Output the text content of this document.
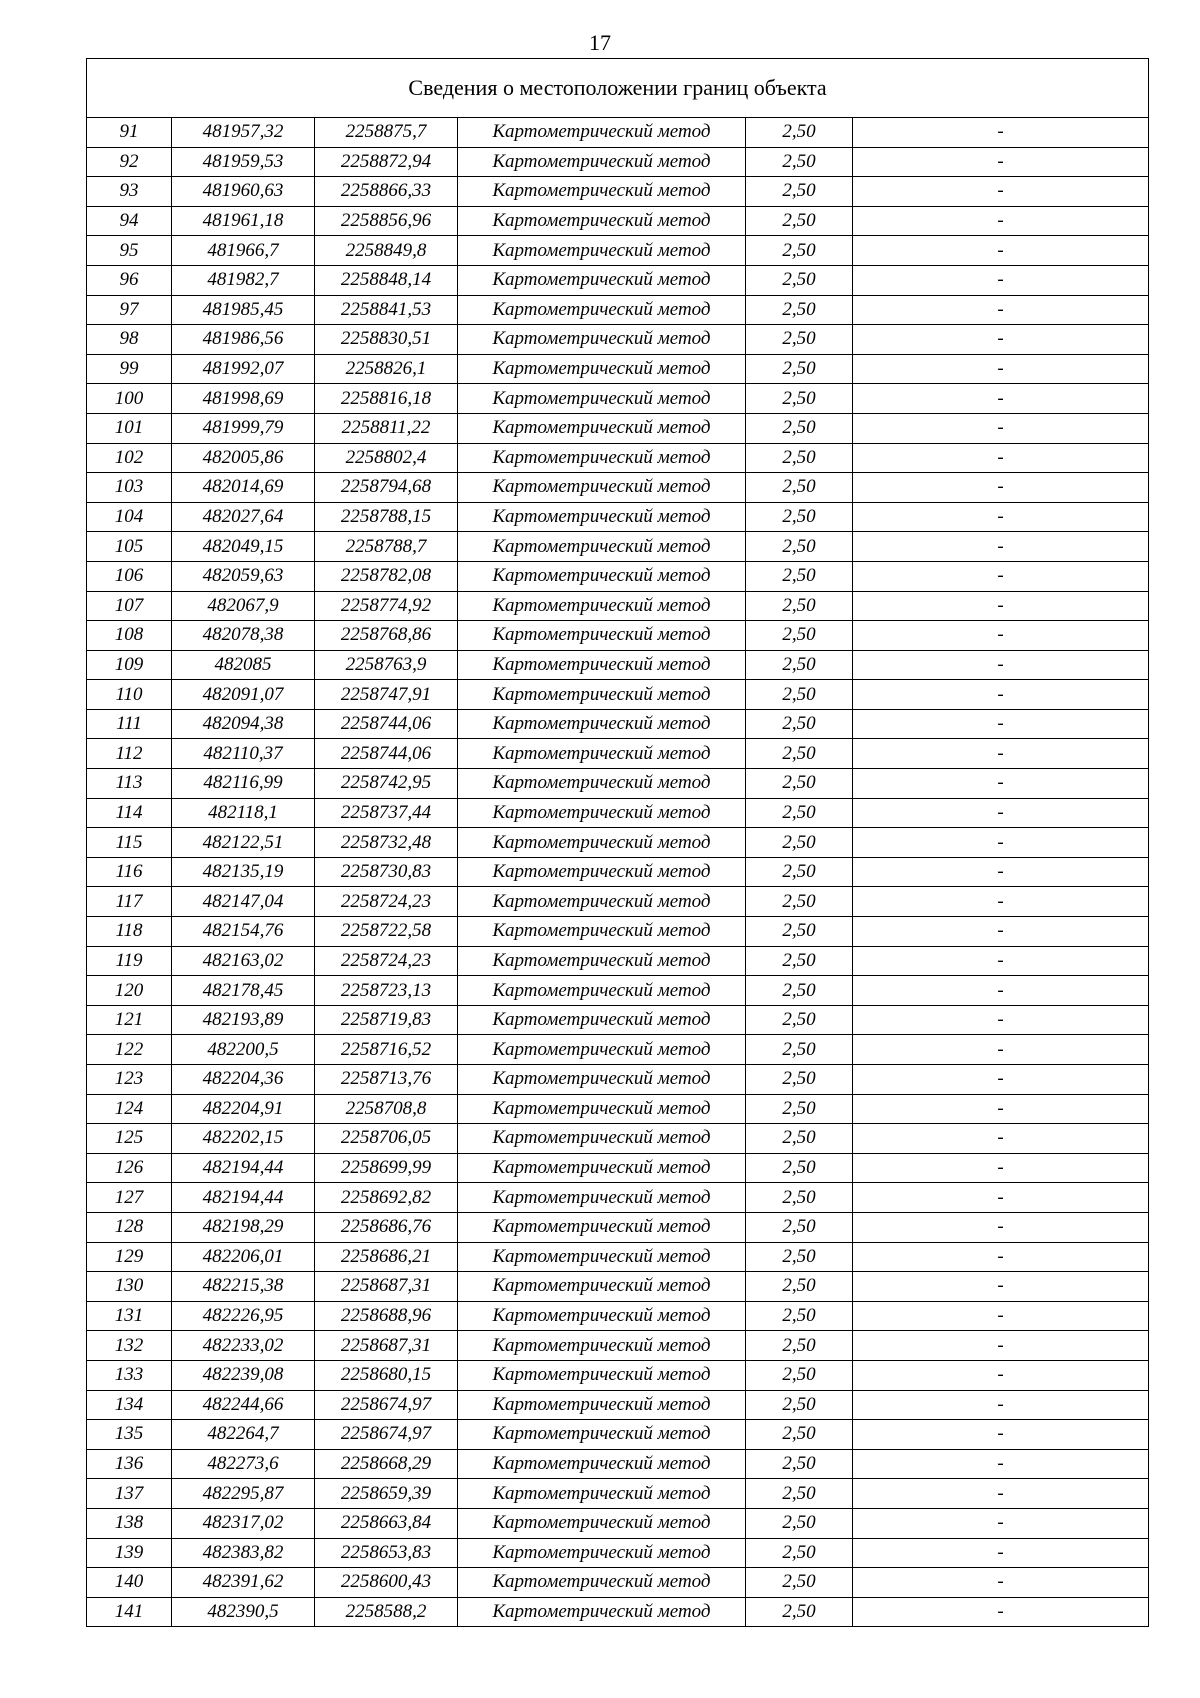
17
Сведения о местоположении границ объекта					
91	481957,32	2258875,7	Картометрический метод	2,50	-
92	481959,53	2258872,94	Картометрический метод	2,50	-
93	481960,63	2258866,33	Картометрический метод	2,50	-
94	481961,18	2258856,96	Картометрический метод	2,50	-
95	481966,7	2258849,8	Картометрический метод	2,50	-
96	481982,7	2258848,14	Картометрический метод	2,50	-
97	481985,45	2258841,53	Картометрический метод	2,50	-
98	481986,56	2258830,51	Картометрический метод	2,50	-
99	481992,07	2258826,1	Картометрический метод	2,50	-
100	481998,69	2258816,18	Картометрический метод	2,50	-
101	481999,79	2258811,22	Картометрический метод	2,50	-
102	482005,86	2258802,4	Картометрический метод	2,50	-
103	482014,69	2258794,68	Картометрический метод	2,50	-
104	482027,64	2258788,15	Картометрический метод	2,50	-
105	482049,15	2258788,7	Картометрический метод	2,50	-
106	482059,63	2258782,08	Картометрический метод	2,50	-
107	482067,9	2258774,92	Картометрический метод	2,50	-
108	482078,38	2258768,86	Картометрический метод	2,50	-
109	482085	2258763,9	Картометрический метод	2,50	-
110	482091,07	2258747,91	Картометрический метод	2,50	-
111	482094,38	2258744,06	Картометрический метод	2,50	-
112	482110,37	2258744,06	Картометрический метод	2,50	-
113	482116,99	2258742,95	Картометрический метод	2,50	-
114	482118,1	2258737,44	Картометрический метод	2,50	-
115	482122,51	2258732,48	Картометрический метод	2,50	-
116	482135,19	2258730,83	Картометрический метод	2,50	-
117	482147,04	2258724,23	Картометрический метод	2,50	-
118	482154,76	2258722,58	Картометрический метод	2,50	-
119	482163,02	2258724,23	Картометрический метод	2,50	-
120	482178,45	2258723,13	Картометрический метод	2,50	-
121	482193,89	2258719,83	Картометрический метод	2,50	-
122	482200,5	2258716,52	Картометрический метод	2,50	-
123	482204,36	2258713,76	Картометрический метод	2,50	-
124	482204,91	2258708,8	Картометрический метод	2,50	-
125	482202,15	2258706,05	Картометрический метод	2,50	-
126	482194,44	2258699,99	Картометрический метод	2,50	-
127	482194,44	2258692,82	Картометрический метод	2,50	-
128	482198,29	2258686,76	Картометрический метод	2,50	-
129	482206,01	2258686,21	Картометрический метод	2,50	-
130	482215,38	2258687,31	Картометрический метод	2,50	-
131	482226,95	2258688,96	Картометрический метод	2,50	-
132	482233,02	2258687,31	Картометрический метод	2,50	-
133	482239,08	2258680,15	Картометрический метод	2,50	-
134	482244,66	2258674,97	Картометрический метод	2,50	-
135	482264,7	2258674,97	Картометрический метод	2,50	-
136	482273,6	2258668,29	Картометрический метод	2,50	-
137	482295,87	2258659,39	Картометрический метод	2,50	-
138	482317,02	2258663,84	Картометрический метод	2,50	-
139	482383,82	2258653,83	Картометрический метод	2,50	-
140	482391,62	2258600,43	Картометрический метод	2,50	-
141	482390,5	2258588,2	Картометрический метод	2,50	-
